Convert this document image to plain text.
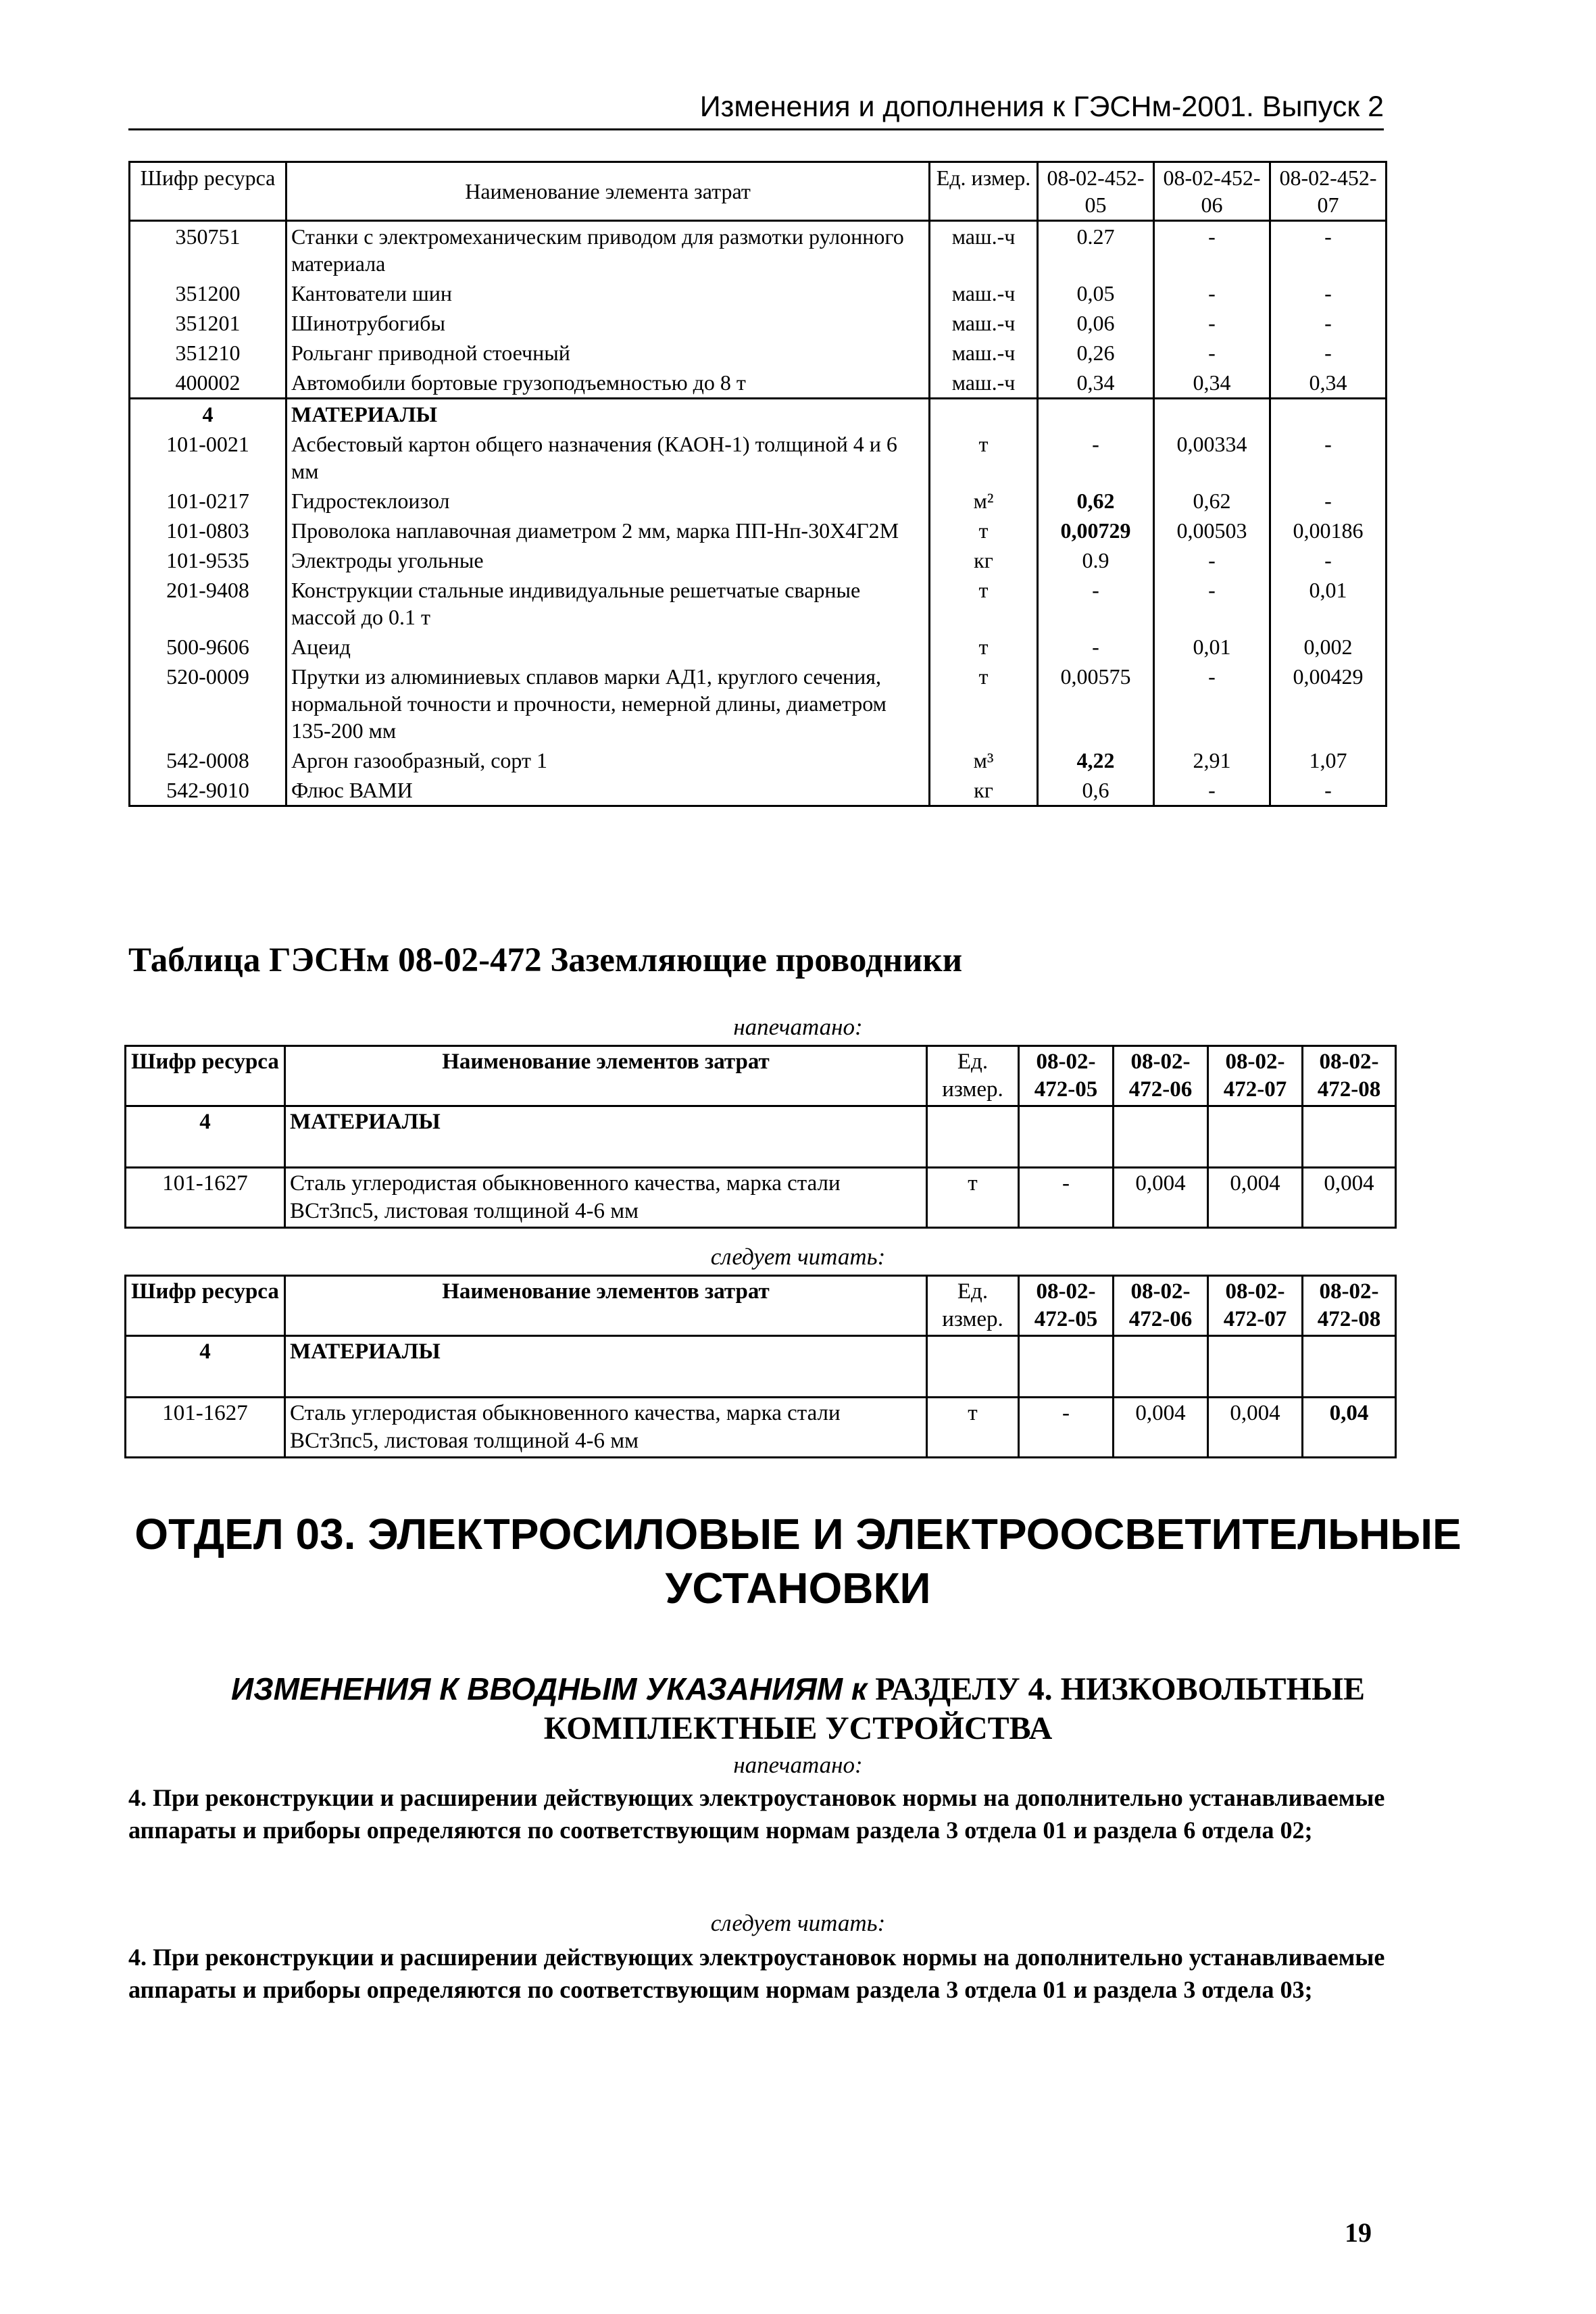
Изменения и дополнения к ГЭСНм-2001. Выпуск 2
Шифр ресурса	Наименование элемента затрат	Ед. измер.	08-02-452-05	08-02-452-06	08-02-452-07
350751	Станки с электромеханическим приводом для размотки рулонного материала	маш.-ч	0.27	-	-
351200	Кантователи шин	маш.-ч	0,05	-	-
351201	Шинотрубогибы	маш.-ч	0,06	-	-
351210	Рольганг приводной стоечный	маш.-ч	0,26	-	-
400002	Автомобили бортовые грузоподъемностью до 8 т	маш.-ч	0,34	0,34	0,34
4	МАТЕРИАЛЫ				
101-0021	Асбестовый картон общего назначения (КАОН-1) толщиной 4 и 6 мм	т	-	0,00334	-
101-0217	Гидростеклоизол	м²	0,62	0,62	-
101-0803	Проволока наплавочная диаметром 2 мм, марка ПП-Нп-30Х4Г2М	т	0,00729	0,00503	0,00186
101-9535	Электроды угольные	кг	0.9	-	-
201-9408	Конструкции стальные индивидуальные решетчатые сварные массой до 0.1 т	т	-	-	0,01
500-9606	Ацеид	т	-	0,01	0,002
520-0009	Прутки из алюминиевых сплавов марки АД1, круглого сечения, нормальной точности и прочности, немерной длины, диаметром 135-200 мм	т	0,00575	-	0,00429
542-0008	Аргон газообразный, сорт 1	м³	4,22	2,91	1,07
542-9010	Флюс ВАМИ	кг	0,6	-	-
Таблица ГЭСНм 08-02-472 Заземляющие проводники
напечатано:
Шифр ресурса	Наименование элементов затрат	Ед. измер.	08-02-472-05	08-02-472-06	08-02-472-07	08-02-472-08
4	МАТЕРИАЛЫ					
101-1627	Сталь углеродистая обыкновенного качества, марка стали ВСт3пс5, листовая толщиной 4-6 мм	т	-	0,004	0,004	0,004
следует читать:
Шифр ресурса	Наименование элементов затрат	Ед. измер.	08-02-472-05	08-02-472-06	08-02-472-07	08-02-472-08
4	МАТЕРИАЛЫ					
101-1627	Сталь углеродистая обыкновенного качества, марка стали ВСт3пс5, листовая толщиной 4-6 мм	т	-	0,004	0,004	0,04
ОТДЕЛ 03. ЭЛЕКТРОСИЛОВЫЕ И ЭЛЕКТРООСВЕТИТЕЛЬНЫЕ
УСТАНОВКИ
ИЗМЕНЕНИЯ К ВВОДНЫМ УКАЗАНИЯМ к РАЗДЕЛУ 4. НИЗКОВОЛЬТНЫЕ
КОМПЛЕКТНЫЕ УСТРОЙСТВА
напечатано:

4. При реконструкции и расширении действующих электроустановок нормы на дополнительно устанавливаемые аппараты и приборы определяются по соответствующим нормам раздела 3 отдела 01 и раздела 6 отдела 02;

следует читать:

4. При реконструкции и расширении действующих электроустановок нормы на дополнительно устанавливаемые аппараты и приборы определяются по соответствующим нормам раздела 3 отдела 01 и раздела 3 отдела 03;

19
